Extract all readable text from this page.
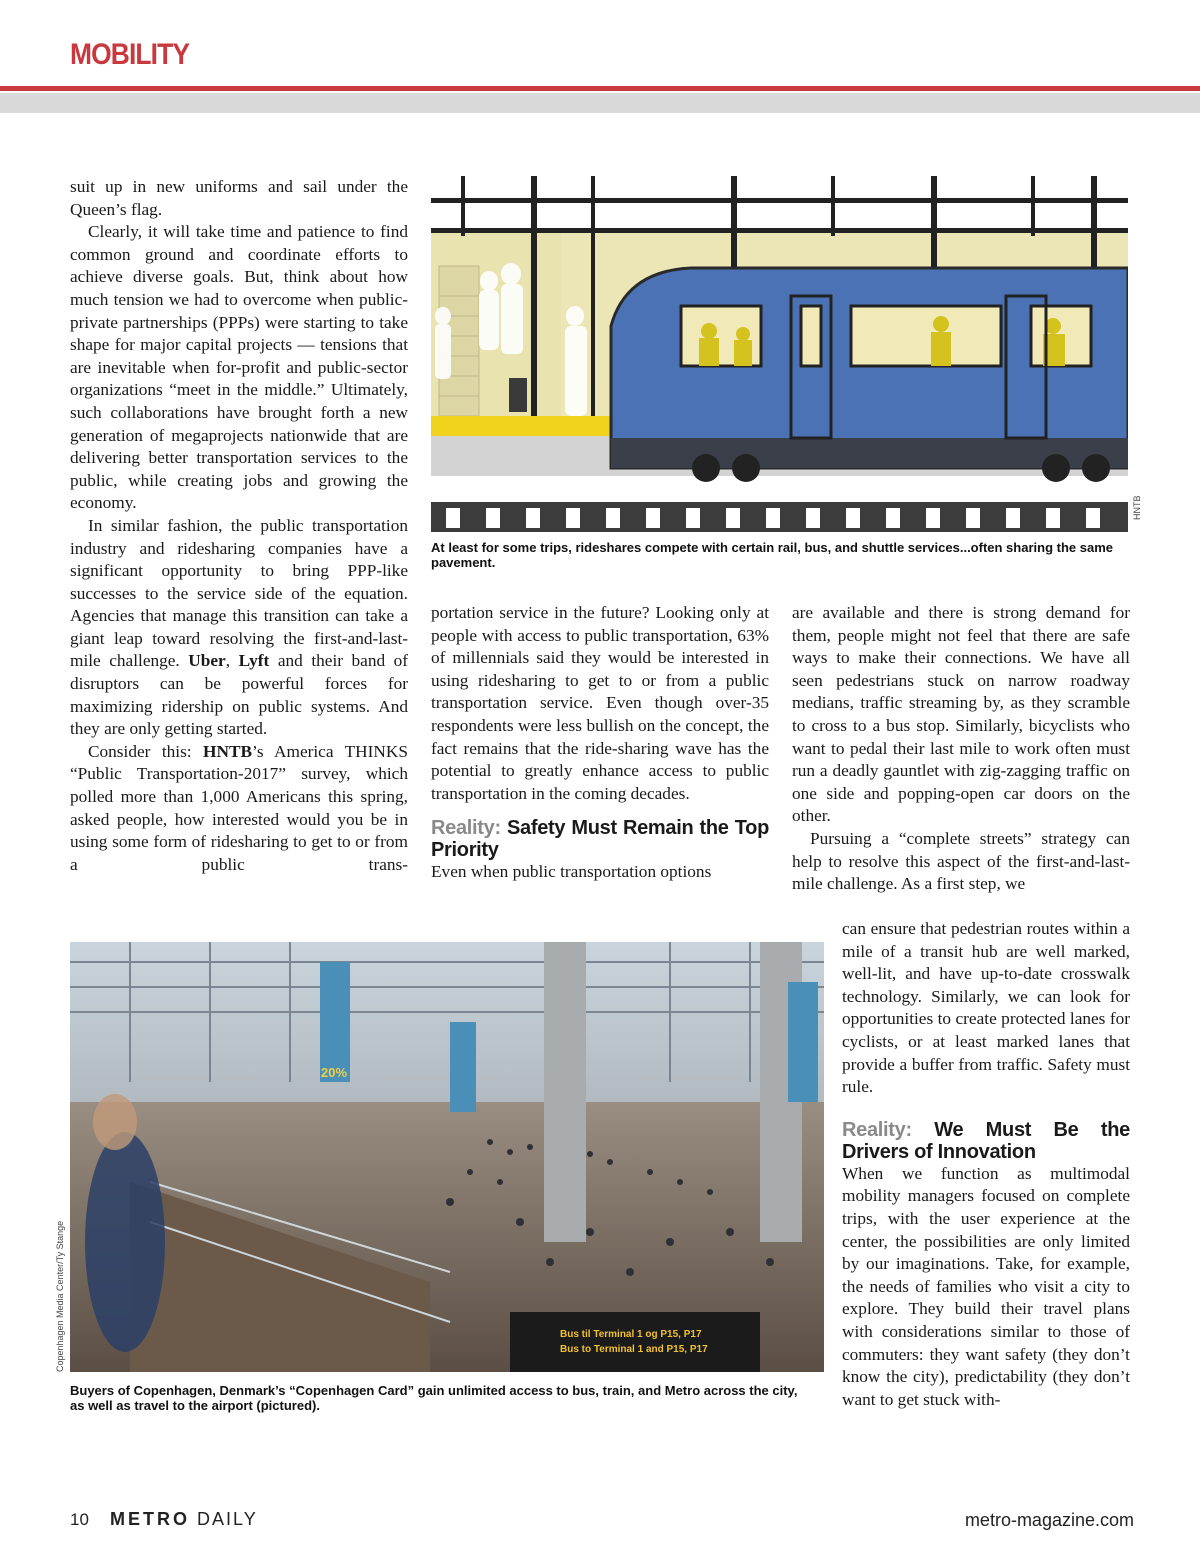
MOBILITY

suit up in new uniforms and sail under the Queen’s flag.

Clearly, it will take time and patience to find common ground and coordinate efforts to achieve diverse goals. But, think about how much tension we had to overcome when public-private partnerships (PPPs) were starting to take shape for major capital projects — tensions that are inevitable when for-profit and public-sector organizations “meet in the middle.” Ultimately, such collaborations have brought forth a new generation of megaprojects nationwide that are delivering better transportation services to the public, while creating jobs and growing the economy.

In similar fashion, the public transportation industry and ridesharing companies have a significant opportunity to bring PPP-like successes to the service side of the equation. Agencies that manage this transition can take a giant leap toward resolving the first-and-last-mile challenge. Uber, Lyft and their band of disruptors can be powerful forces for maximizing ridership on public systems. And they are only getting started.

Consider this: HNTB’s America THINKS “Public Transportation-2017” survey, which polled more than 1,000 Americans this spring, asked people, how interested would you be in using some form of ridesharing to get to or from a public trans-

HNTB
At least for some trips, rideshares compete with certain rail, bus, and shuttle services...often sharing the same pavement.

portation service in the future? Looking only at people with access to public transportation, 63% of millennials said they would be interested in using ridesharing to get to or from a public transportation service. Even though over-35 respondents were less bullish on the concept, the fact remains that the ride-sharing wave has the potential to greatly enhance access to public transportation in the coming decades.

Reality: Safety Must Remain the Top Priority

Even when public transportation options

are available and there is strong demand for them, people might not feel that there are safe ways to make their connections. We have all seen pedestrians stuck on narrow roadway medians, traffic streaming by, as they scramble to cross to a bus stop. Similarly, bicyclists who want to pedal their last mile to work often must run a deadly gauntlet with zig-zagging traffic on one side and popping-open car doors on the other.

Pursuing a “complete streets” strategy can help to resolve this aspect of the first-and-last-mile challenge. As a first step, we

can ensure that pedestrian routes within a mile of a transit hub are well marked, well-lit, and have up-to-date crosswalk technology. Similarly, we can look for opportunities to create protected lanes for cyclists, or at least marked lanes that provide a buffer from traffic. Safety must rule.

Reality: We Must Be the Drivers of Innovation

When we function as multimodal mobility managers focused on complete trips, with the user experience at the center, the possibilities are only limited by our imaginations. Take, for example, the needs of families who visit a city to explore. They build their travel plans with considerations similar to those of commuters: they want safety (they don’t know the city), predictability (they don’t want to get stuck with-

20%
Bus til Terminal 1 og P15, P17
Bus to Terminal 1 and P15, P17
Copenhagen Media Center/Ty Stange
Buyers of Copenhagen, Denmark’s “Copenhagen Card” gain unlimited access to bus, train, and Metro across the city, as well as travel to the airport (pictured).
10 METRO DAILY	metro-magazine.com
